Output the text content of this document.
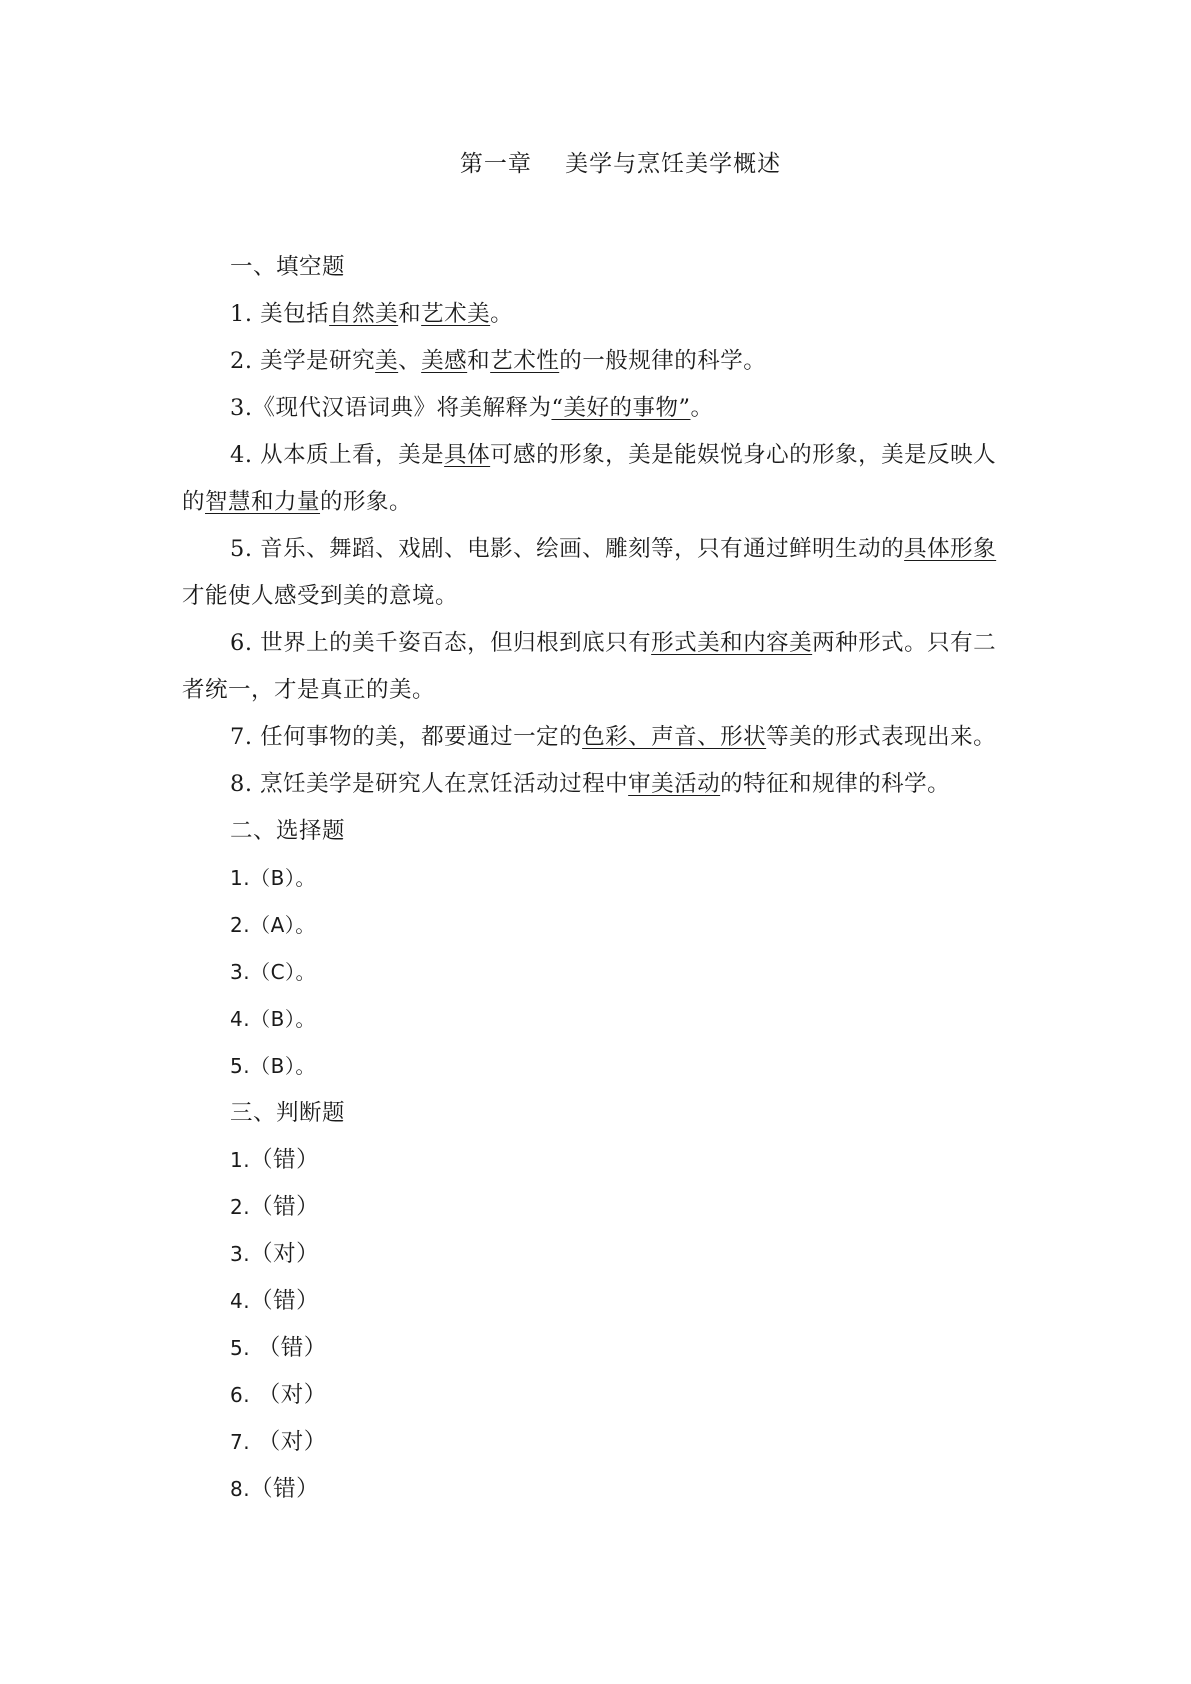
第一章    美学与烹饪美学概述
一、填空题
1. 美包括自然美和艺术美。
2. 美学是研究美、美感和艺术性的一般规律的科学。
3.《现代汉语词典》将美解释为“美好的事物”。
4. 从本质上看，美是具体可感的形象，美是能娱悦身心的形象，美是反映人
的智慧和力量的形象。
5. 音乐、舞蹈、戏剧、电影、绘画、雕刻等，只有通过鲜明生动的具体形象
才能使人感受到美的意境。
6. 世界上的美千姿百态，但归根到底只有形式美和内容美两种形式。只有二
者统一，才是真正的美。
7. 任何事物的美，都要通过一定的色彩、声音、形状等美的形式表现出来。
8. 烹饪美学是研究人在烹饪活动过程中审美活动的特征和规律的科学。
二、选择题
1.（B）。
2.（A）。
3.（C）。
4.（B）。
5.（B）。
三、判断题
1.（错）
2.（错）
3.（对）
4.（错）
5. （错）
6. （对）
7. （对）
8.（错）
